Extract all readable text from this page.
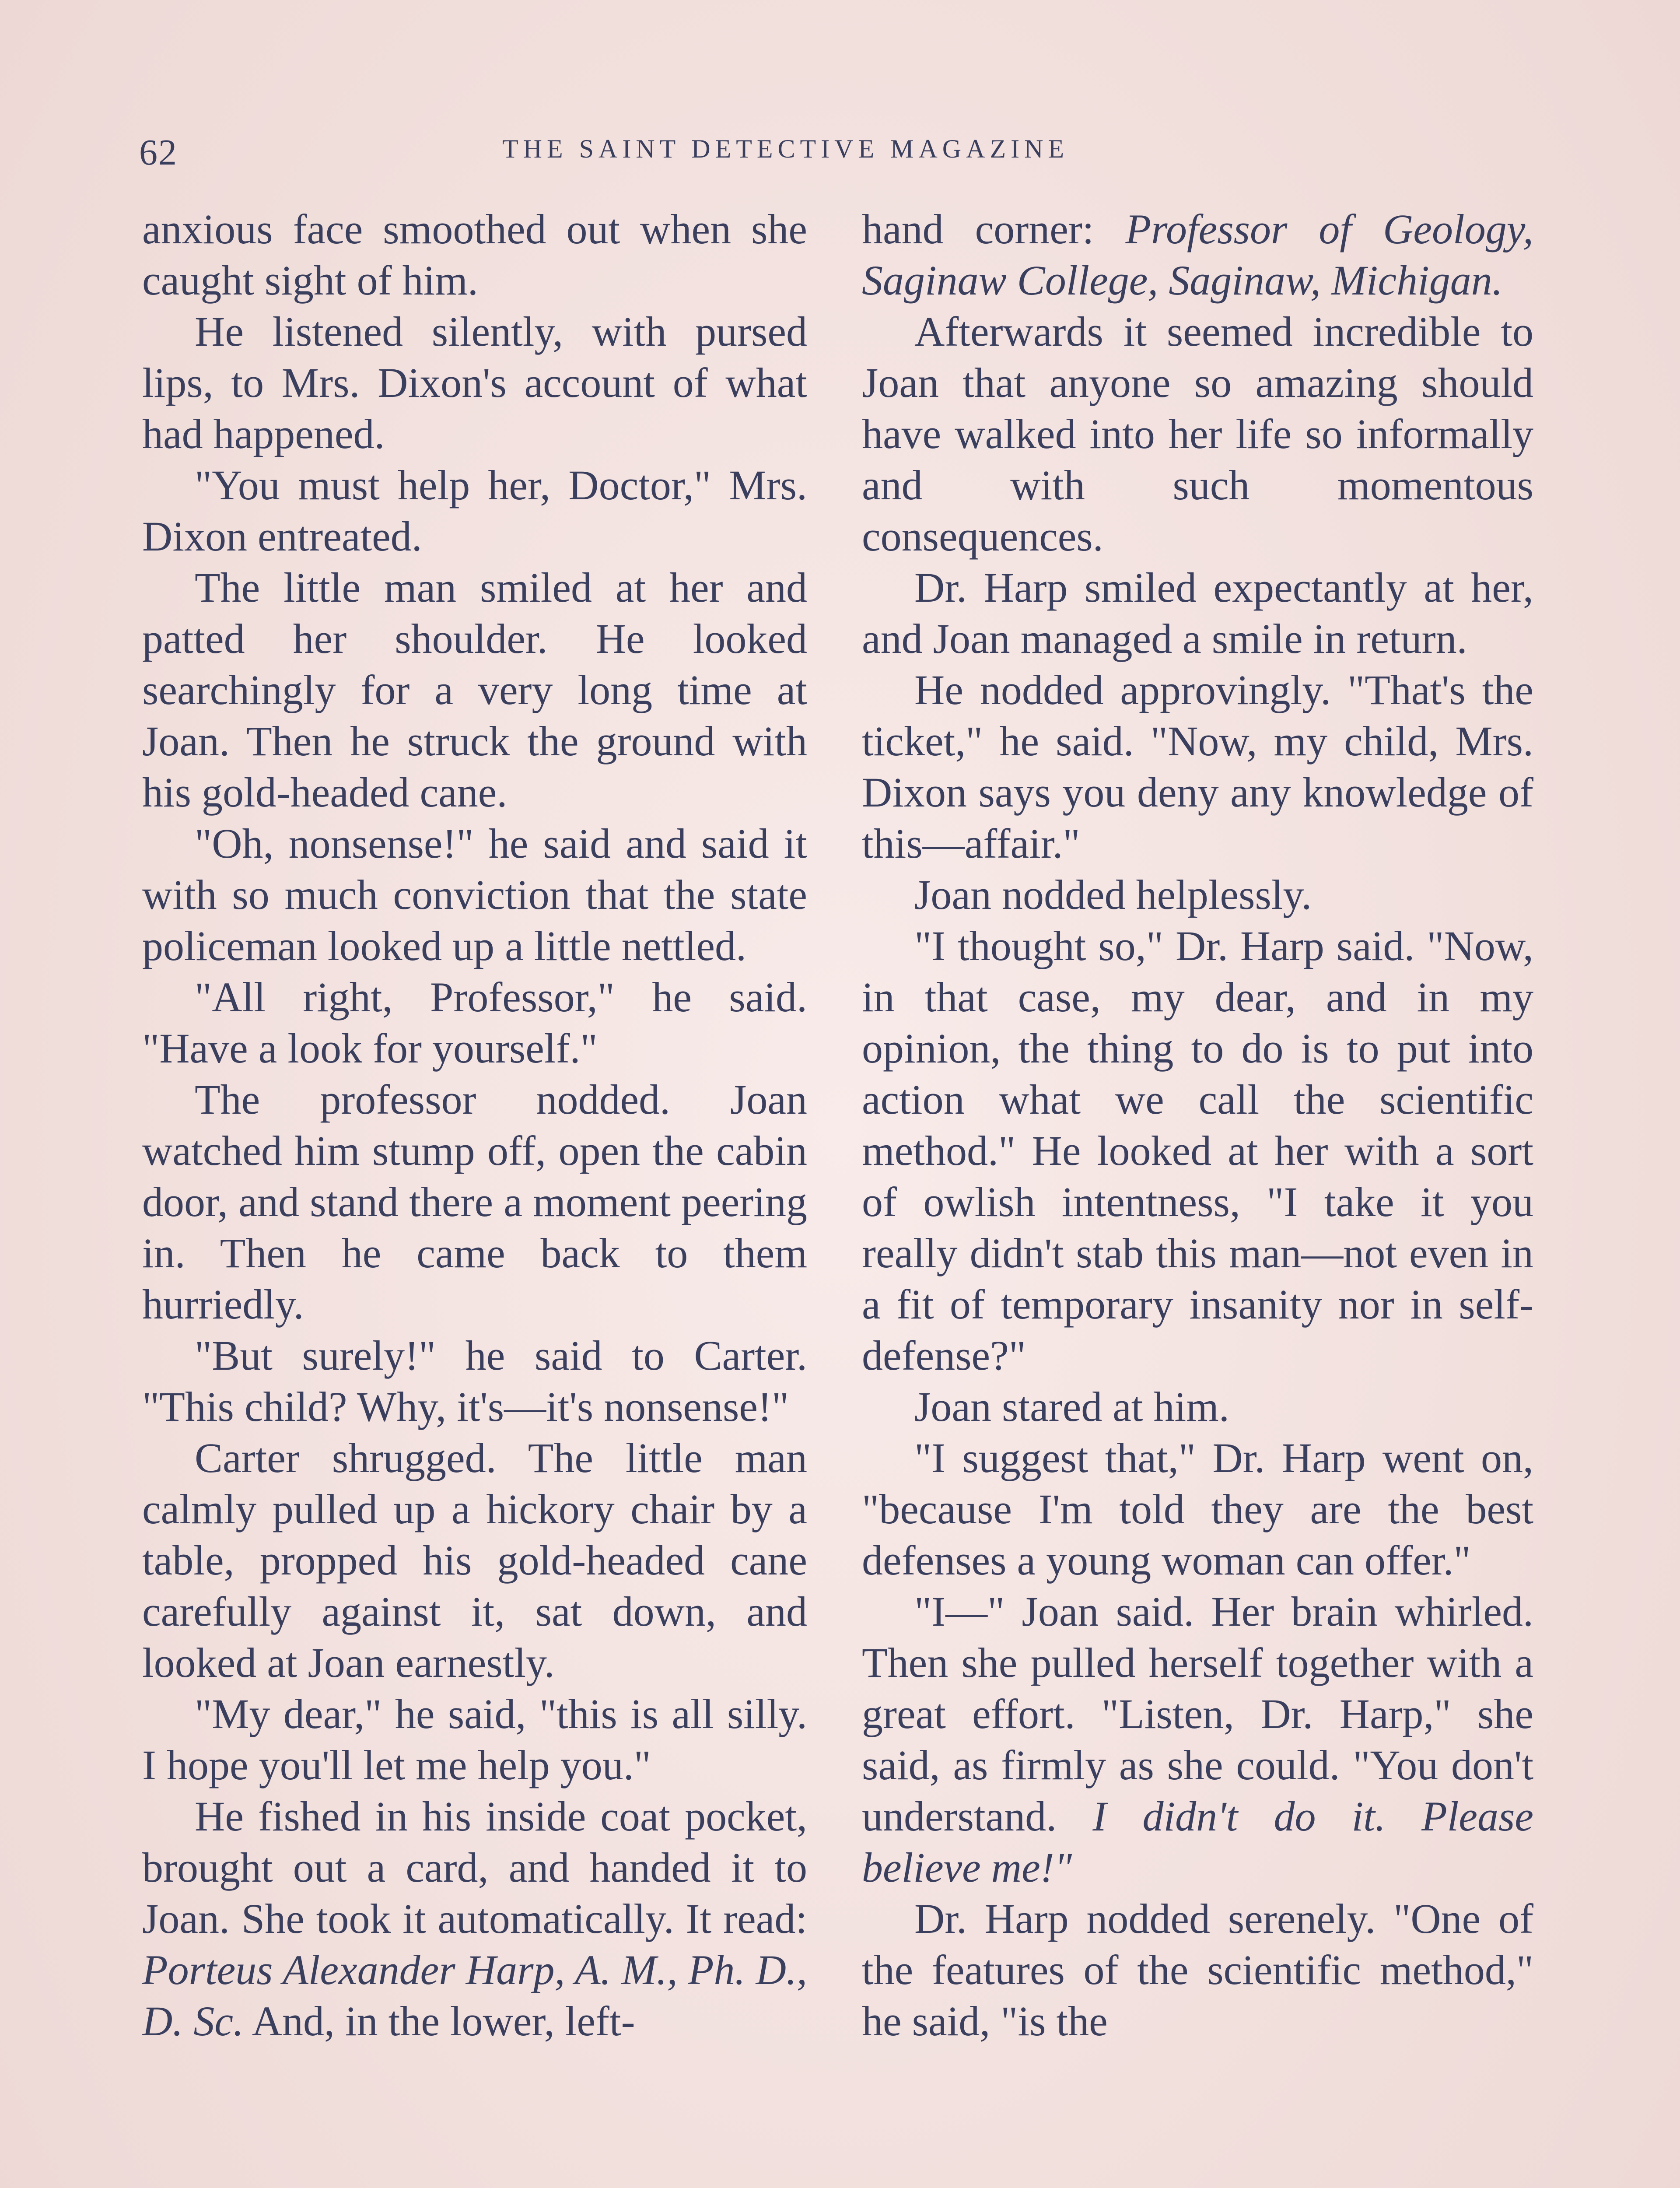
62	THE SAINT DETECTIVE MAGAZINE

anxious face smoothed out when she caught sight of him.

He listened silently, with pursed lips, to Mrs. Dixon's account of what had happened.

"You must help her, Doctor," Mrs. Dixon entreated.

The little man smiled at her and patted her shoulder. He looked searchingly for a very long time at Joan. Then he struck the ground with his gold-headed cane.

"Oh, nonsense!" he said and said it with so much conviction that the state policeman looked up a little nettled.

"All right, Professor," he said. "Have a look for yourself."

The professor nodded. Joan watched him stump off, open the cabin door, and stand there a moment peering in. Then he came back to them hurriedly.

"But surely!" he said to Carter. "This child? Why, it's—it's nonsense!"

Carter shrugged. The little man calmly pulled up a hickory chair by a table, propped his gold-headed cane carefully against it, sat down, and looked at Joan earnestly.

"My dear," he said, "this is all silly. I hope you'll let me help you."

He fished in his inside coat pocket, brought out a card, and handed it to Joan. She took it automatically. It read: Porteus Alexander Harp, A. M., Ph. D., D. Sc. And, in the lower, left-

hand corner: Professor of Geology, Saginaw College, Saginaw, Michigan.

Afterwards it seemed incredible to Joan that anyone so amazing should have walked into her life so informally and with such momentous consequences.

Dr. Harp smiled expectantly at her, and Joan managed a smile in return.

He nodded approvingly. "That's the ticket," he said. "Now, my child, Mrs. Dixon says you deny any knowledge of this—affair."

Joan nodded helplessly.

"I thought so," Dr. Harp said. "Now, in that case, my dear, and in my opinion, the thing to do is to put into action what we call the scientific method." He looked at her with a sort of owlish intentness, "I take it you really didn't stab this man—not even in a fit of temporary insanity nor in self-defense?"

Joan stared at him.

"I suggest that," Dr. Harp went on, "because I'm told they are the best defenses a young woman can offer."

"I—" Joan said. Her brain whirled. Then she pulled herself together with a great effort. "Listen, Dr. Harp," she said, as firmly as she could. "You don't understand. I didn't do it. Please believe me!"

Dr. Harp nodded serenely. "One of the features of the scientific method," he said, "is the
